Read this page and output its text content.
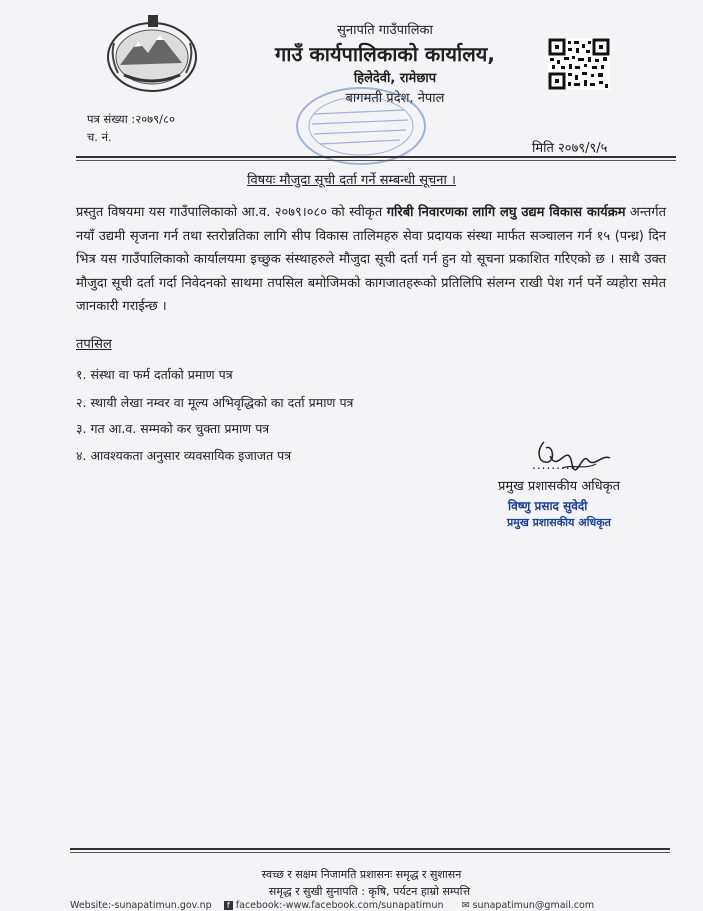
सुनापति गाउँपालिका
गाउँ कार्यपालिकाको कार्यालय,
हिलेदेवी, रामेछाप
बागमती प्रदेश, नेपाल
पत्र संख्या :२०७९/८०
च. नं.
मिति २०७९/९/५
विषयः मौजुदा सूची दर्ता गर्ने सम्बन्धी सूचना ।
प्रस्तुत विषयमा यस गाउँपालिकाको आ.व. २०७९।०८० को स्वीकृत गरिबी निवारणका लागि लघु उद्यम विकास कार्यक्रम अन्तर्गत नयाँ उद्यमी सृजना गर्न तथा स्तरोन्नतिका लागि सीप विकास तालिमहरु सेवा प्रदायक संस्था मार्फत सञ्चालन गर्न १५ (पन्ध्र) दिन भित्र यस गाउँपालिकाको कार्यालयमा इच्छुक संस्थाहरुले मौजुदा सूची दर्ता गर्न हुन यो सूचना प्रकाशित गरिएको छ । साथै उक्त मौजुदा सूची दर्ता गर्दा निवेदनको साथमा तपसिल बमोजिमको कागजातहरूको प्रतिलिपि संलग्न राखी पेश गर्न पर्ने व्यहोरा समेत जानकारी गराईन्छ ।
तपसिल
१. संस्था वा फर्म दर्ताको प्रमाण पत्र
२. स्थायी लेखा नम्वर वा मूल्य अभिवृद्धिको का दर्ता प्रमाण पत्र
३. गत आ.व. सम्मको कर चुक्ता प्रमाण पत्र
४. आवश्यकता अनुसार व्यवसायिक इजाजत पत्र
..........
प्रमुख प्रशासकीय अधिकृत
विष्णु प्रसाद सुवेदी
प्रमुख प्रशासकीय अधिकृत
स्वच्छ र सक्षम निजामति प्रशासनः समृद्ध र सुशासन
समृद्ध र सुखी सुनापति : कृषि, पर्यटन हाम्रो सम्पत्ति
Website:-sunapatimun.gov.np f facebook:-www.facebook.com/sunapatimun ✉ sunapatimun@gmail.com
